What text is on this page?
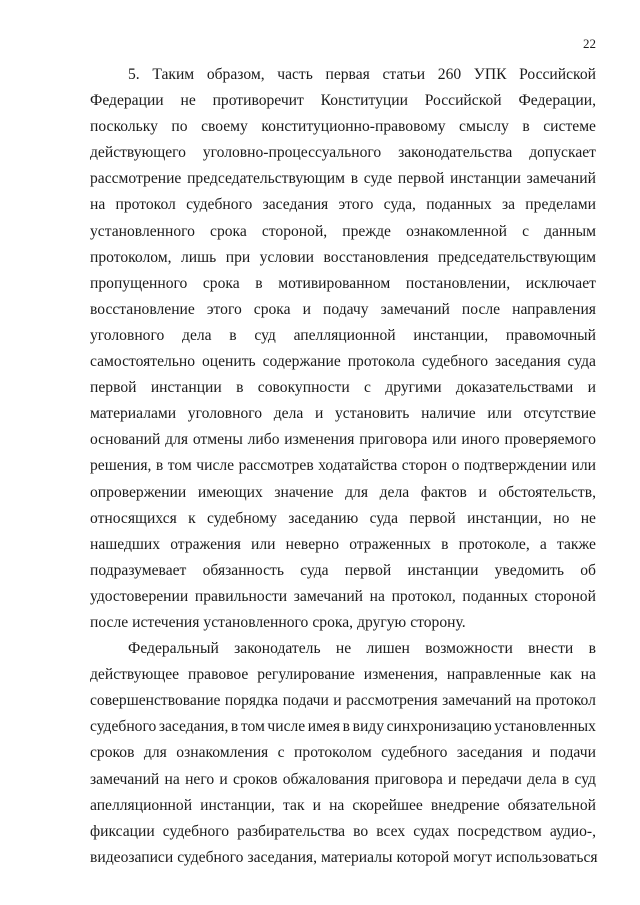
22
5. Таким образом, часть первая статьи 260 УПК Российской
Федерации не противоречит Конституции Российской Федерации,
поскольку по своему конституционно-правовому смыслу в системе
действующего уголовно-процессуального законодательства допускает
рассмотрение председательствующим в суде первой инстанции замечаний
на протокол судебного заседания этого суда, поданных за пределами
установленного срока стороной, прежде ознакомленной с данным
протоколом, лишь при условии восстановления председательствующим
пропущенного срока в мотивированном постановлении, исключает
восстановление этого срока и подачу замечаний после направления
уголовного дела в суд апелляционной инстанции, правомочный
самостоятельно оценить содержание протокола судебного заседания суда
первой инстанции в совокупности с другими доказательствами и
материалами уголовного дела и установить наличие или отсутствие
оснований для отмены либо изменения приговора или иного проверяемого
решения, в том числе рассмотрев ходатайства сторон о подтверждении или
опровержении имеющих значение для дела фактов и обстоятельств,
относящихся к судебному заседанию суда первой инстанции, но не
нашедших отражения или неверно отраженных в протоколе, а также
подразумевает обязанность суда первой инстанции уведомить об
удостоверении правильности замечаний на протокол, поданных стороной
после истечения установленного срока, другую сторону.
Федеральный законодатель не лишен возможности внести в
действующее правовое регулирование изменения, направленные как на
совершенствование порядка подачи и рассмотрения замечаний на протокол
судебного заседания, в том числе имея в виду синхронизацию установленных
сроков для ознакомления с протоколом судебного заседания и подачи
замечаний на него и сроков обжалования приговора и передачи дела в суд
апелляционной инстанции, так и на скорейшее внедрение обязательной
фиксации судебного разбирательства во всех судах посредством аудио-,
видеозаписи судебного заседания, материалы которой могут использоваться
